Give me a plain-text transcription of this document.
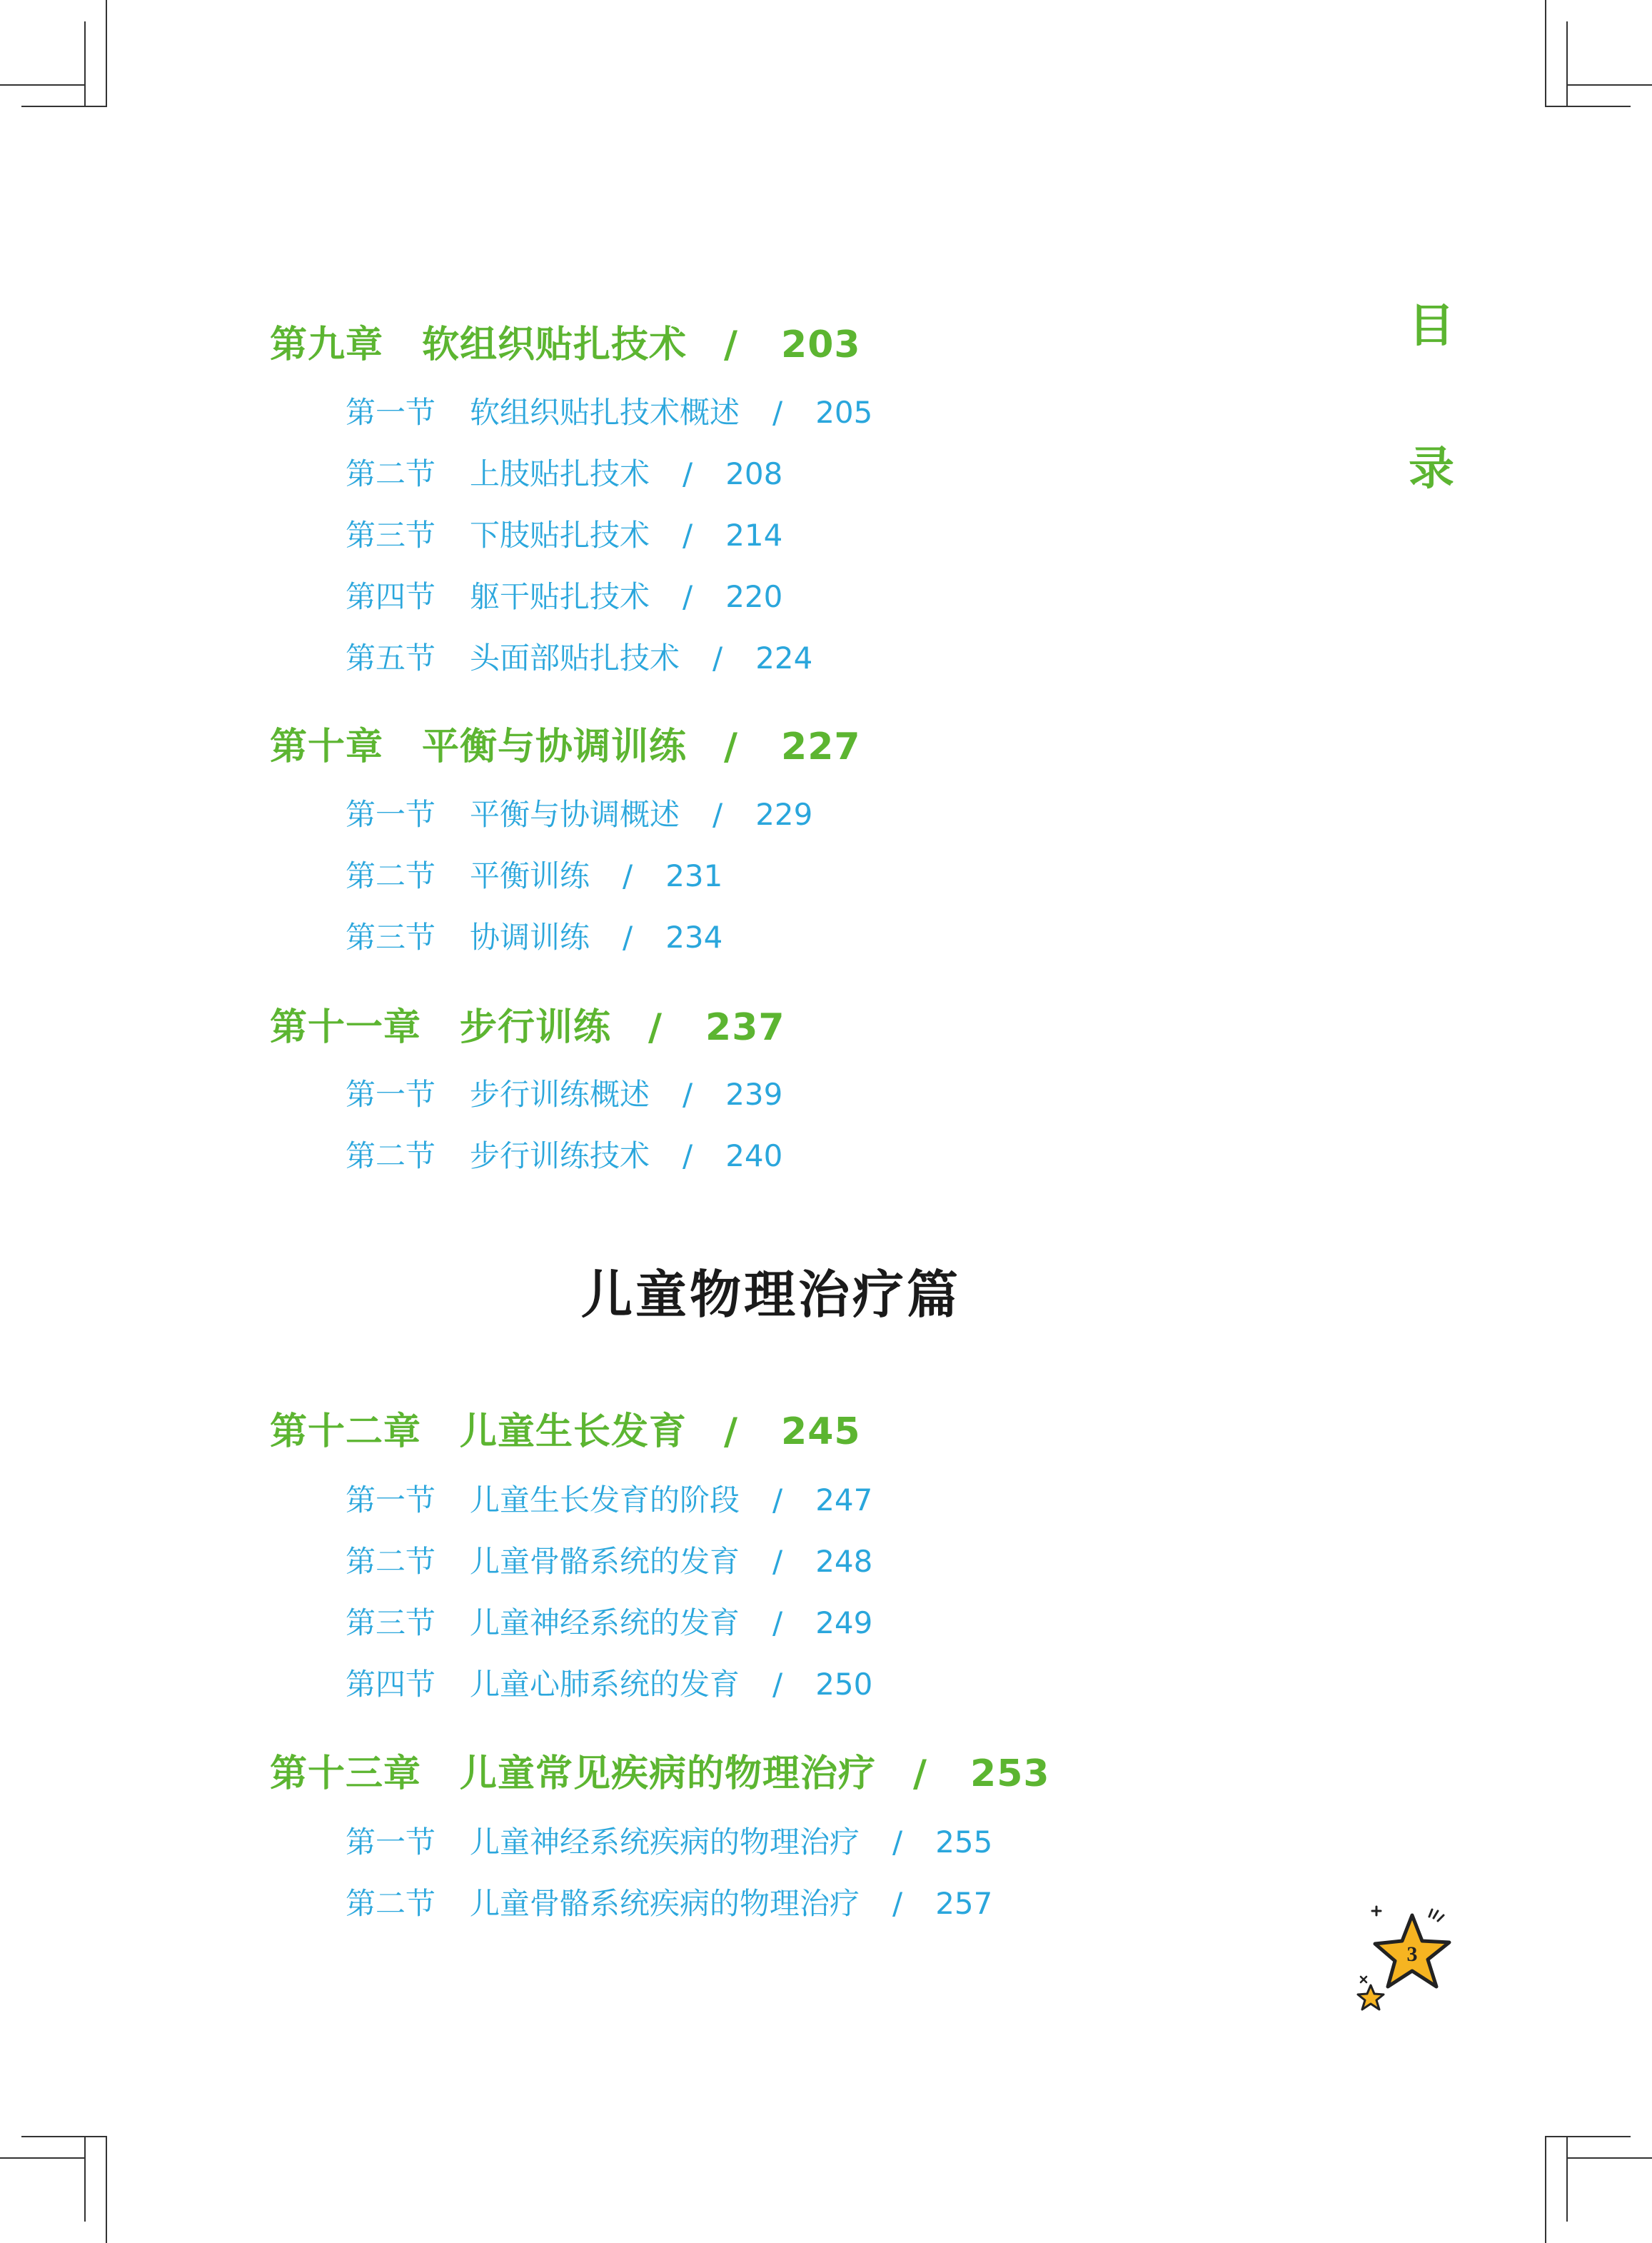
目
录
儿童物理治疗篇
第九章 软组织贴扎技术 / 203
第一节 软组织贴扎技术概述 / 205
第二节 上肢贴扎技术 / 208
第三节 下肢贴扎技术 / 214
第四节 躯干贴扎技术 / 220
第五节 头面部贴扎技术 / 224
第十章 平衡与协调训练 / 227
第一节 平衡与协调概述 / 229
第二节 平衡训练 / 231
第三节 协调训练 / 234
第十一章 步行训练 / 237
第一节 步行训练概述 / 239
第二节 步行训练技术 / 240
第十二章 儿童生长发育 / 245
第一节 儿童生长发育的阶段 / 247
第二节 儿童骨骼系统的发育 / 248
第三节 儿童神经系统的发育 / 249
第四节 儿童心肺系统的发育 / 250
第十三章 儿童常见疾病的物理治疗 / 253
第一节 儿童神经系统疾病的物理治疗 / 255
第二节 儿童骨骼系统疾病的物理治疗 / 257
3
